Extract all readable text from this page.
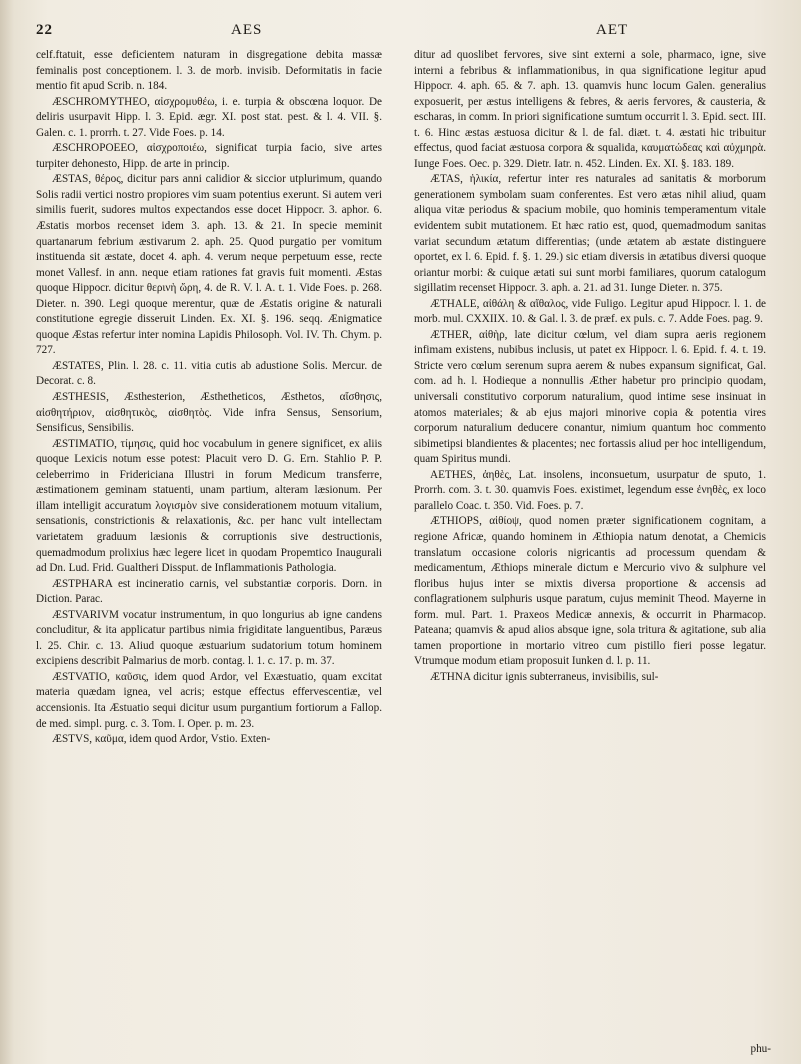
22	AES	AET

celf.ftatuit, esse deficientem naturam in disgregatione debita massæ feminalis post conceptionem. l. 3. de morb. invisib. Deformitatis in facie mentio fit apud Scrib. n. 184.

ÆSCHROMYTHEO, αἰσχρομυθέω, i. e. turpia & obscœna loquor. De deliris usurpavit Hipp. l. 3. Epid. ægr. XI. post stat. pest. & l. 4. VII. §. Galen. c. 1. prorrh. t. 27. Vide Foes. p. 14.

ÆSCHROPOEEO, αἰσχροποιέω, significat turpia facio, sive artes turpiter dehonesto, Hipp. de arte in princip.

ÆSTAS, θέρος, dicitur pars anni calidior & siccior utplurimum, quando Solis radii vertici nostro propiores vim suam potentius exerunt. Si autem veri similis fuerit, sudores multos expectandos esse docet Hippocr. 3. aphor. 6. Æstatis morbos recenset idem 3. aph. 13. & 21. In specie meminit quartanarum febrium æstivarum 2. aph. 25. Quod purgatio per vomitum instituenda sit æstate, docet 4. aph. 4. verum neque perpetuum esse, recte monet Vallesf. in ann. neque etiam rationes fat gravis fuit momenti. Æstas quoque Hippocr. dicitur θερινὴ ὥρη, 4. de R. V. l. A. t. 1. Vide Foes. p. 268. Dieter. n. 390. Legi quoque merentur, quæ de Æstatis origine & naturali constitutione egregie disseruit Linden. Ex. XI. §. 196. seqq. Ænigmatice quoque Æstas refertur inter nomina Lapidis Philosoph. Vol. IV. Th. Chym. p. 727.

ÆSTATES, Plin. l. 28. c. 11. vitia cutis ab adustione Solis. Mercur. de Decorat. c. 8.

ÆSTHESIS, Æsthesterion, Æsthetheticos, Æsthetos, αἴσθησις, αἰσθητήριον, αἰσθητικὸς, αἰσθητὸς. Vide infra Sensus, Sensorium, Sensificus, Sensibilis.

ÆSTIMATIO, τίμησις, quid hoc vocabulum in genere significet, ex aliis quoque Lexicis notum esse potest: Placuit vero D. G. Ern. Stahlio P. P. celeberrimo in Fridericiana Illustri in forum Medicum transferre, æstimationem geminam statuenti, unam partium, alteram læsionum. Per illam intelligit accuratum λογισμὸν sive considerationem motuum vitalium, sensationis, constrictionis & relaxationis, &c. per hanc vult intellectam varietatem graduum læsionis & corruptionis sive destructionis, quemadmodum prolixius hæc legere licet in quodam Propemtico Inaugurali ad Dn. Lud. Frid. Gualtheri Dissput. de Inflammationis Pathologia.

ÆSTPHARA est incineratio carnis, vel substantiæ corporis. Dorn. in Diction. Parac.

ÆSTVARIVM vocatur instrumentum, in quo longurius ab igne candens concluditur, & ita applicatur partibus nimia frigiditate languentibus, Paræus l. 25. Chir. c. 13. Aliud quoque æstuarium sudatorium totum hominem excipiens describit Palmarius de morb. contag. l. 1. c. 17. p. m. 37.

ÆSTVATIO, καῦσις, idem quod Ardor, vel Exæstuatio, quam excitat materia quædam ignea, vel acris; estque effectus effervescentiæ, vel accensionis. Ita Æstuatio sequi dicitur usum purgantium fortiorum a Fallop. de med. simpl. purg. c. 3. Tom. I. Oper. p. m. 23.

ÆSTVS, καῦμα, idem quod Ardor, Vstio. Exten-

ditur ad quoslibet fervores, sive sint externi a sole, pharmaco, igne, sive interni a febribus & inflammationibus, in qua significatione legitur apud Hippocr. 4. aph. 65. & 7. aph. 13. quamvis hunc locum Galen. generalius exposuerit, per æstus intelligens & febres, & aeris fervores, & causteria, & escharas, in comm. In priori significatione sumtum occurrit l. 3. Epid. sect. III. t. 6. Hinc æstas æstuosa dicitur & l. de fal. diæt. t. 4. æstati hic tribuitur effectus, quod faciat æstuosa corpora & squalida, καυματώδεας καὶ αὐχμηρὰ. Iunge Foes. Oec. p. 329. Dietr. Iatr. n. 452. Linden. Ex. XI. §. 183. 189.

ÆTAS, ἡλικία, refertur inter res naturales ad sanitatis & morborum generationem symbolam suam conferentes. Est vero ætas nihil aliud, quam aliqua vitæ periodus & spacium mobile, quo hominis temperamentum vitale evidentem subit mutationem. Et hæc ratio est, quod, quemadmodum sanitas variat secundum ætatum differentias; (unde ætatem ab æstate distinguere oportet, ex l. 6. Epid. f. §. 1. 29.) sic etiam diversis in ætatibus diversi quoque oriantur morbi: & cuique ætati sui sunt morbi familiares, quorum catalogum sigillatim recenset Hippocr. 3. aph. a. 21. ad 31. Iunge Dieter. n. 375.

ÆTHALE, αἰθάλη & αἴθαλος, vide Fuligo. Legitur apud Hippocr. l. 1. de morb. mul. CXXIIX. 10. & Gal. l. 3. de præf. ex puls. c. 7. Adde Foes. pag. 9.

ÆTHER, αἰθὴρ, late dicitur cœlum, vel diam supra aeris regionem infimam existens, nubibus inclusis, ut patet ex Hippocr. l. 6. Epid. f. 4. t. 19. Stricte vero cœlum serenum supra aerem & nubes expansum significat, Gal. com. ad h. l. Hodieque a nonnullis Æther habetur pro principio quodam, universali constitutivo corporum naturalium, quod intime sese insinuat in atomos materiales; & ab ejus majori minorive copia & potentia vires corporum naturalium deducere conantur, nimium quantum hoc commento sibimetipsi blandientes & placentes; nec fortassis aliud per hoc intelligendum, quam Spiritus mundi.

AETHES, ἀηθὲς, Lat. insolens, inconsuetum, usurpatur de sputo, 1. Prorrh. com. 3. t. 30. quamvis Foes. existimet, legendum esse ἐνηθὲς, ex loco parallelo Coac. t. 350. Vid. Foes. p. 7.

ÆTHIOPS, αἰθίοψ, quod nomen præter significationem cognitam, a regione Africæ, quando hominem in Æthiopia natum denotat, a Chemicis translatum occasione coloris nigricantis ad processum quendam & medicamentum, Æthiops minerale dictum e Mercurio vivo & sulphure vel floribus hujus inter se mixtis diversa proportione & accensis ad conflagrationem sulphuris usque paratum, cujus meminit Theod. Mayerne in form. mul. Part. 1. Praxeos Medicæ annexis, & occurrit in Pharmacop. Pateana; quamvis & apud alios absque igne, sola tritura & agitatione, sub alia tamen proportione in mortario vitreo cum pistillo fieri posse legatur. Vtrumque modum etiam proposuit Iunken d. l. p. 11.

ÆTHNA dicitur ignis subterraneus, invisibilis, sul-

phu-
